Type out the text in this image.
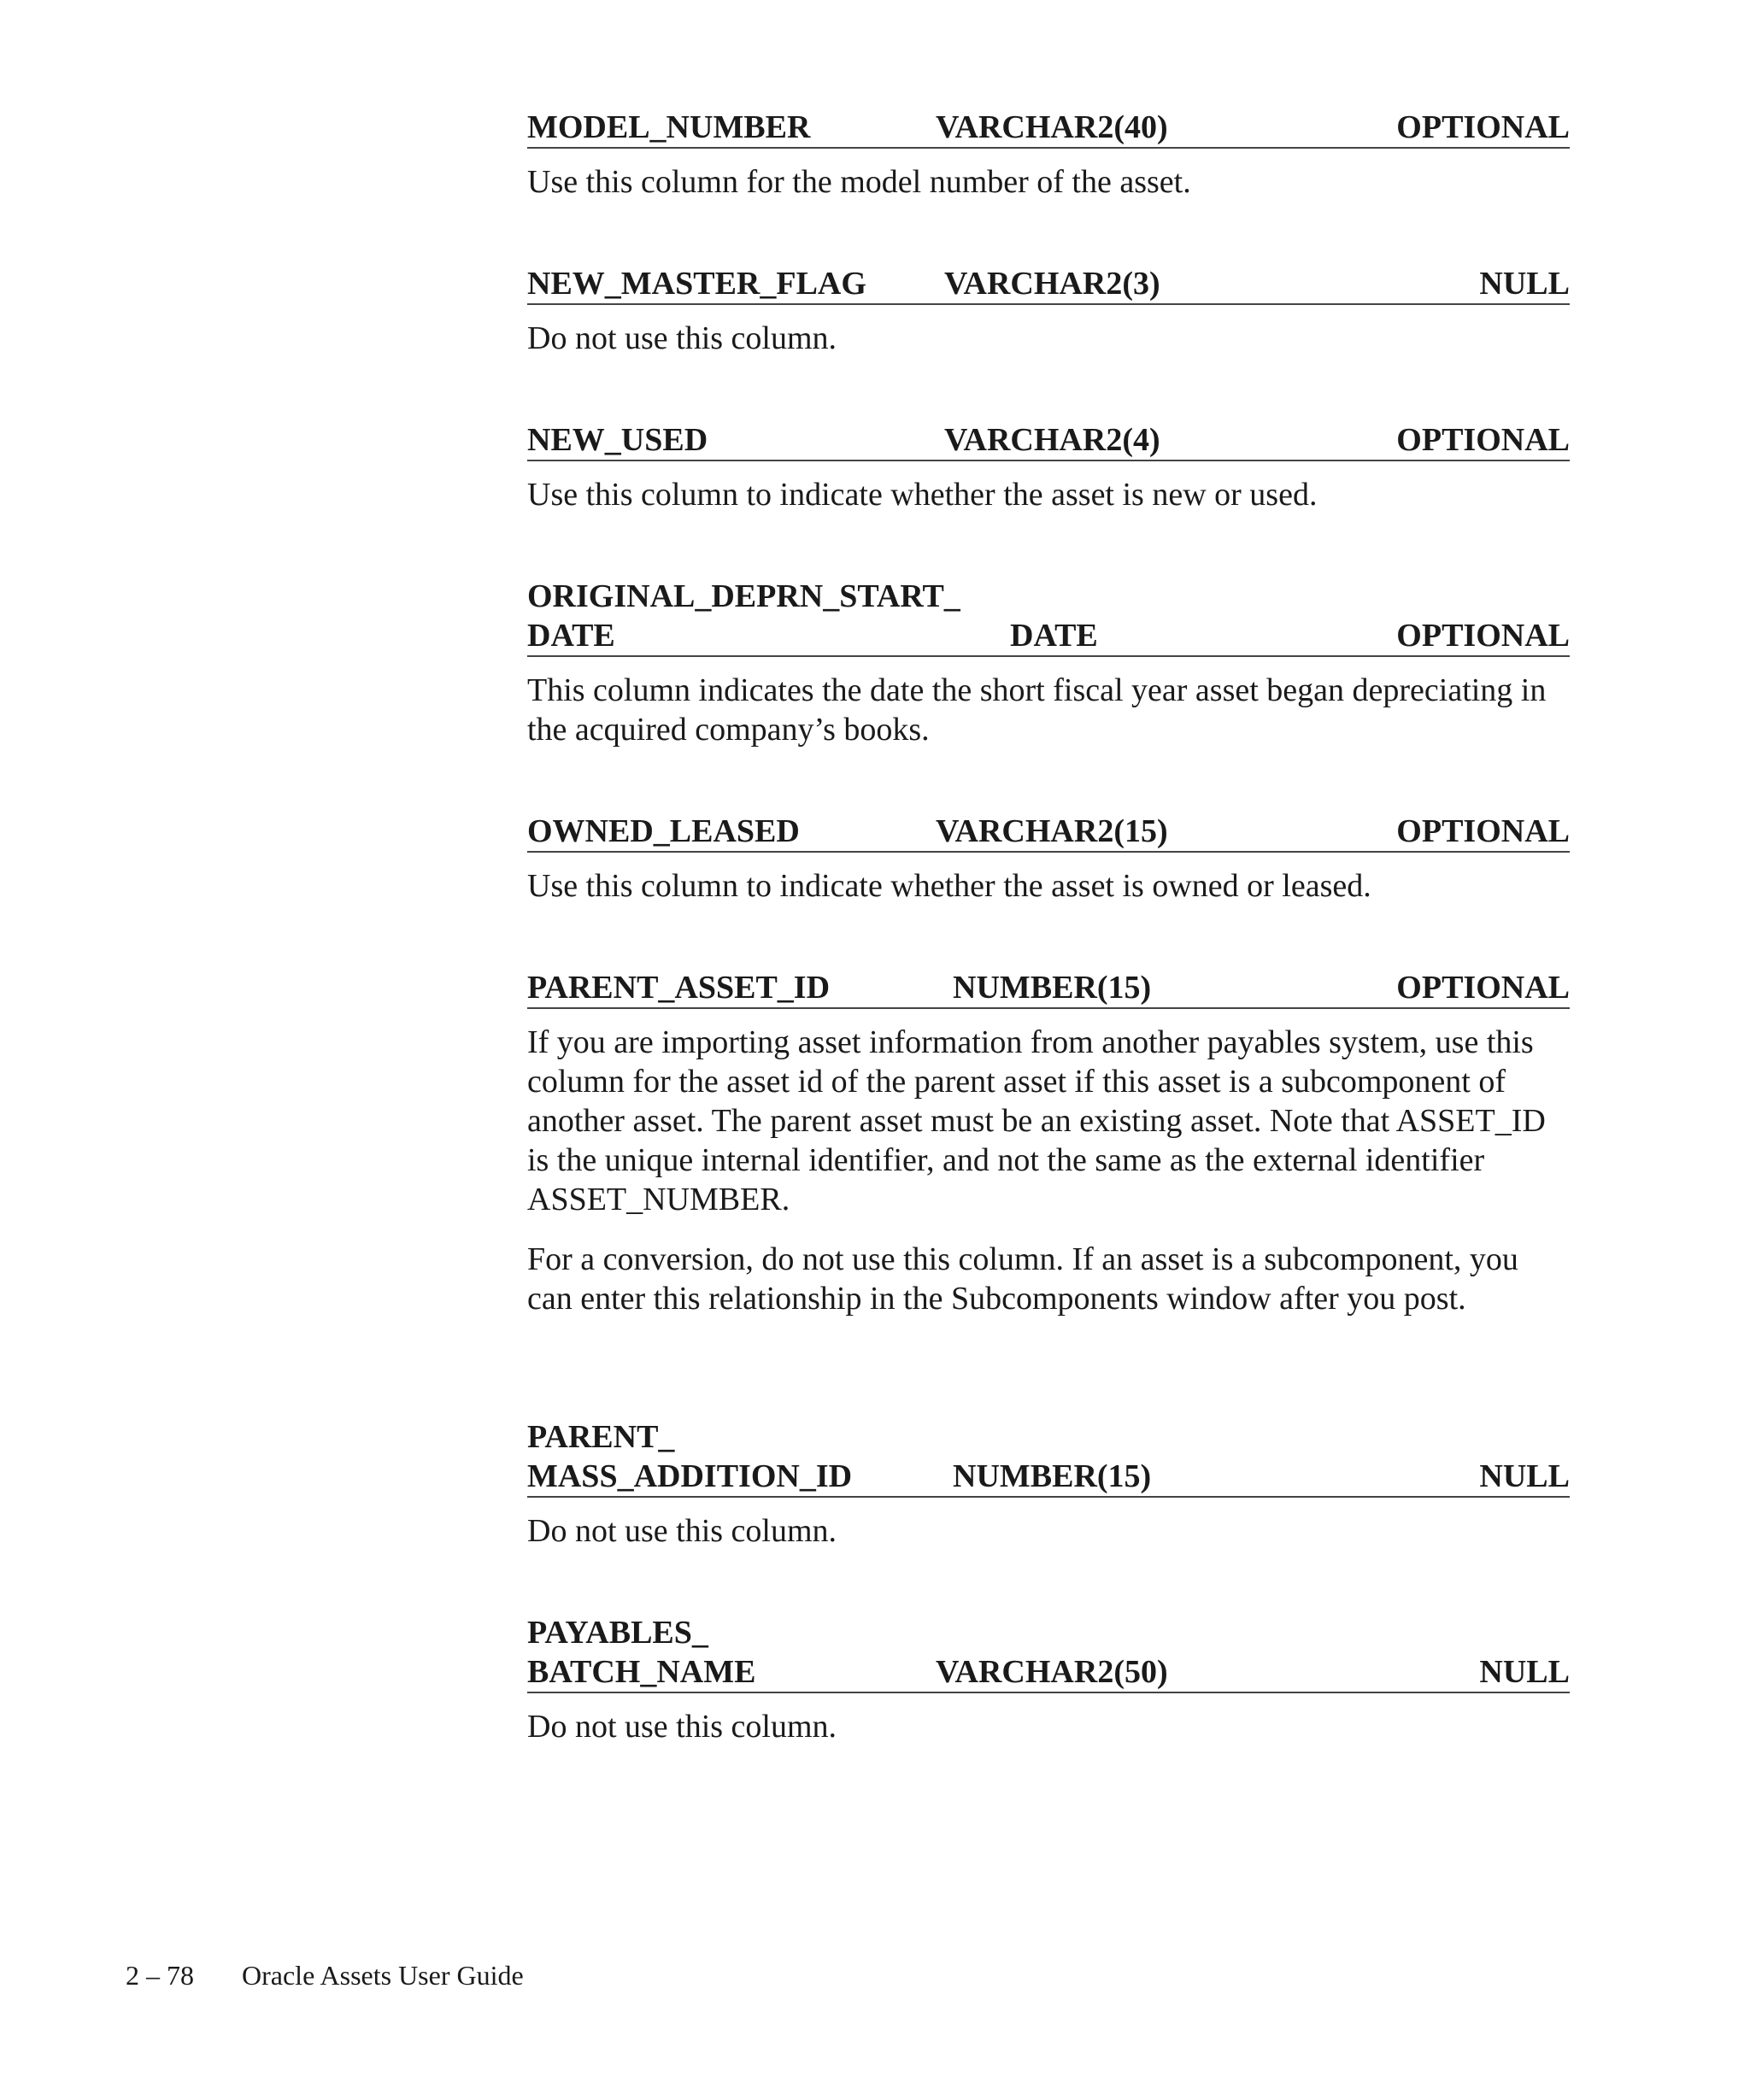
MODEL_NUMBER	VARCHAR2(40)	OPTIONAL

Use this column for the model number of the asset.

NEW_MASTER_FLAG VARCHAR2(3)	NULL

Do not use this column.

NEW_USED	VARCHAR2(4)	OPTIONAL

Use this column to indicate whether the asset is new or used.

ORIGINAL_DEPRN_START_
DATE	DATE	OPTIONAL

This column indicates the date the short fiscal year asset began depreciating in the acquired company’s books.

OWNED_LEASED	VARCHAR2(15)	OPTIONAL

Use this column to indicate whether the asset is owned or leased.

PARENT_ASSET_ID	NUMBER(15)	OPTIONAL

If you are importing asset information from another payables system, use this column for the asset id of the parent asset if this asset is a subcomponent of another asset. The parent asset must be an existing asset. Note that ASSET_ID is the unique internal identifier, and not the same as the external identifier ASSET_NUMBER.

For a conversion, do not use this column. If an asset is a subcomponent, you can enter this relationship in the Subcomponents window after you post.

PARENT_
MASS_ADDITION_ID	NUMBER(15)	NULL

Do not use this column.

PAYABLES_
BATCH_NAME	VARCHAR2(50)	NULL

Do not use this column.

2 – 78 Oracle Assets User Guide
